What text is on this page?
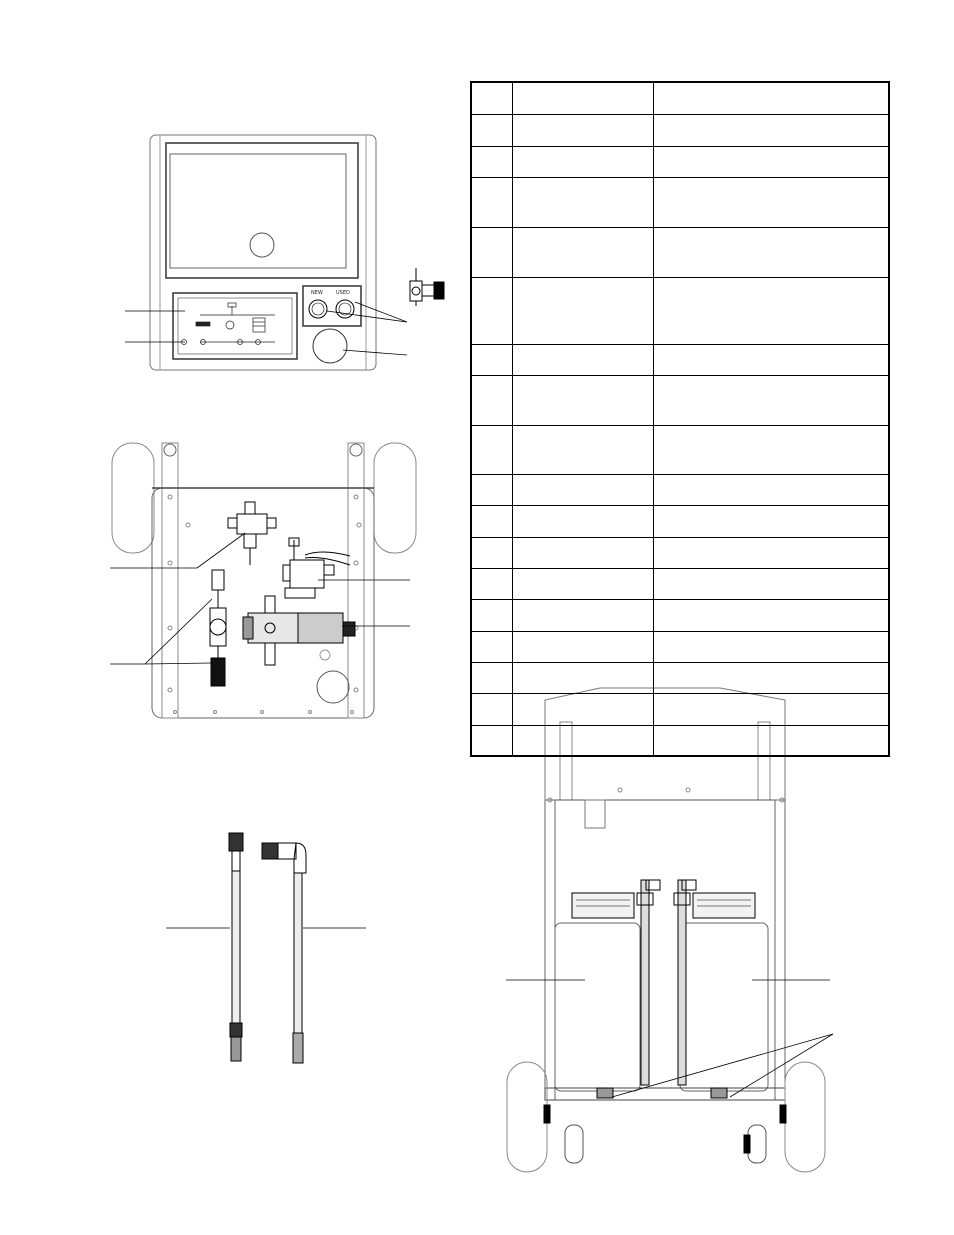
NEW	USED
